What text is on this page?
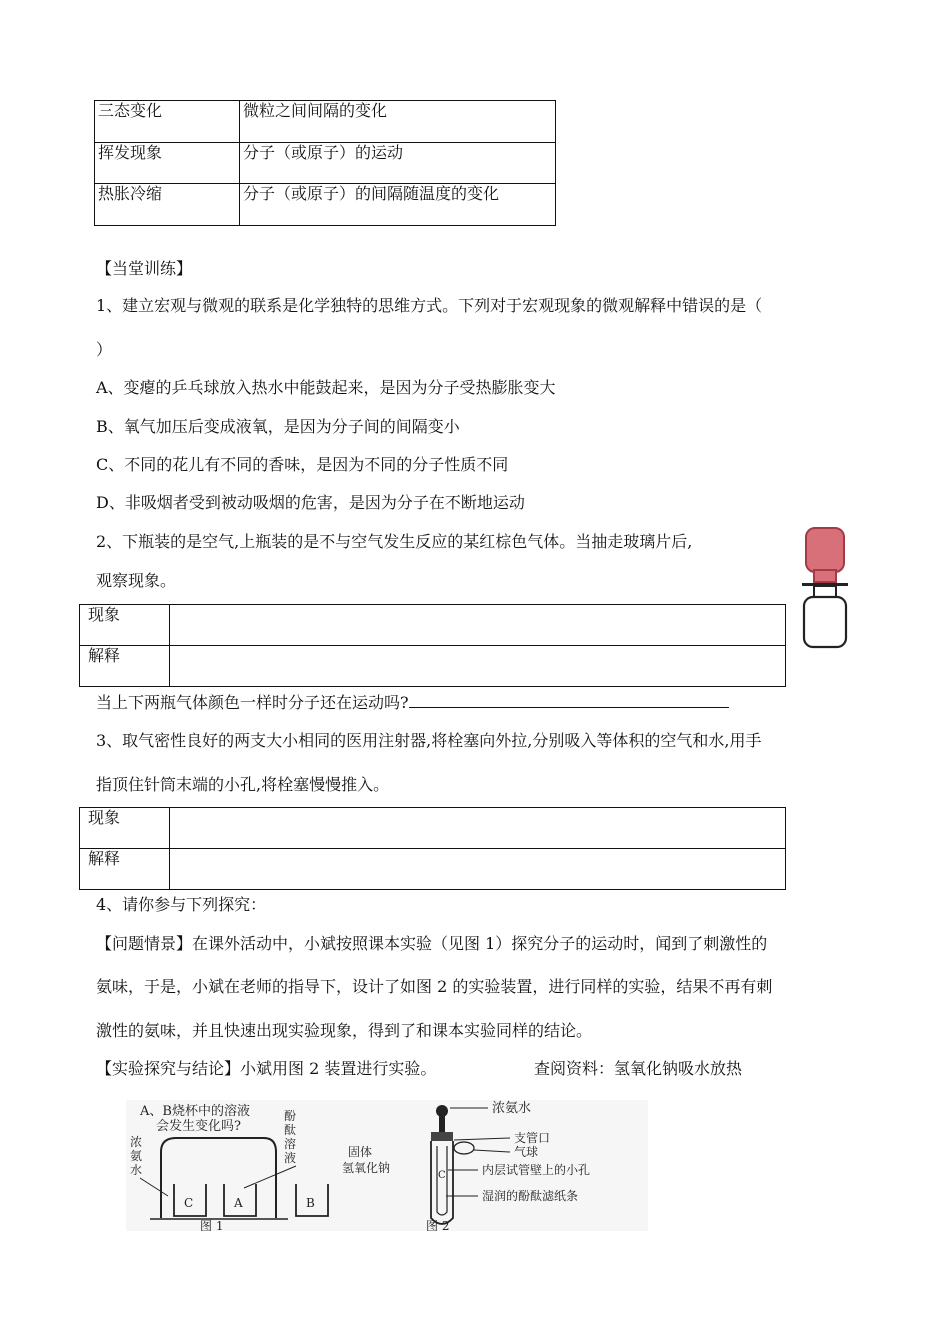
三态变化	微粒之间间隔的变化
挥发现象	分子（或原子）的运动
热胀冷缩	分子（或原子）的间隔随温度的变化
【当堂训练】
1、建立宏观与微观的联系是化学独特的思维方式。下列对于宏观现象的微观解释中错误的是（
）
A、变瘪的乒乓球放入热水中能鼓起来，是因为分子受热膨胀变大
B、氧气加压后变成液氧，是因为分子间的间隔变小
C、不同的花儿有不同的香味，是因为不同的分子性质不同
D、非吸烟者受到被动吸烟的危害，是因为分子在不断地运动
2、下瓶装的是空气,上瓶装的是不与空气发生反应的某红棕色气体。当抽走玻璃片后,
观察现象。
现象	
解释	
当上下两瓶气体颜色一样时分子还在运动吗?
3、取气密性良好的两支大小相同的医用注射器,将栓塞向外拉,分别吸入等体积的空气和水,用手
指顶住针筒末端的小孔,将栓塞慢慢推入。
现象	
解释	
4、请你参与下列探究：
【问题情景】在课外活动中，小斌按照课本实验（见图 1）探究分子的运动时，闻到了刺激性的
氨味，于是，小斌在老师的指导下，设计了如图 2 的实验装置，进行同样的实验，结果不再有刺
激性的氨味，并且快速出现实验现象，得到了和课本实验同样的结论。
【实验探究与结论】小斌用图 2 装置进行实验。	查阅资料：氢氧化钠吸水放热
A、B烧杯中的溶液
会发生变化吗?
浓
氨
水
酚
酞
溶
液
C	A	B
图 1
浓氨水
C
固体
氢氧化钠
支管口
气球
内层试管壁上的小孔
湿润的酚酞滤纸条
图 2
